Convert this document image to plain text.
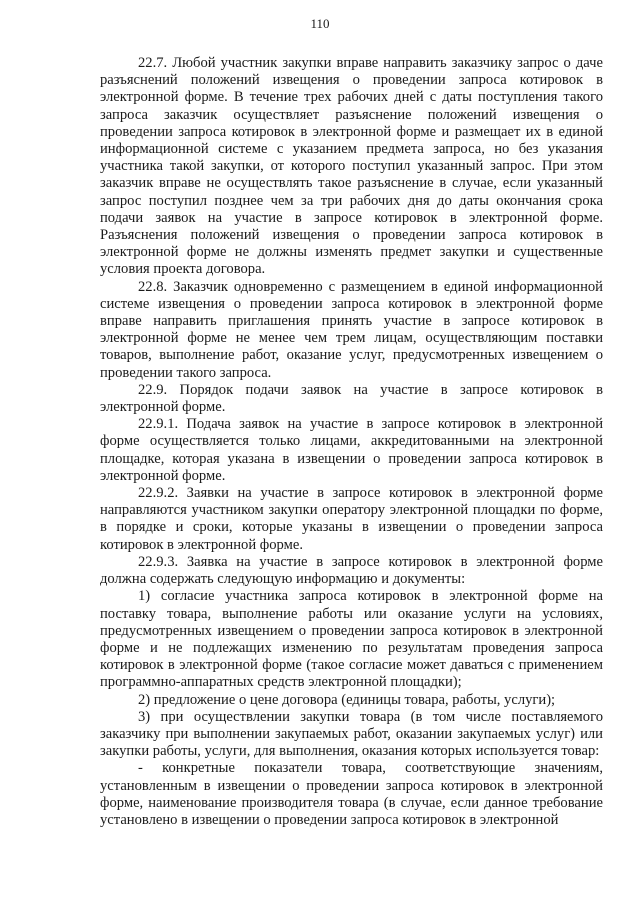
110

22.7. Любой участник закупки вправе направить заказчику запрос о даче разъяснений положений извещения о проведении запроса котировок в электронной форме. В течение трех рабочих дней с даты поступления такого запроса заказчик осуществляет разъяснение положений извещения о проведении запроса котировок в электронной форме и размещает их в единой информационной системе с указанием предмета запроса, но без указания участника такой закупки, от которого поступил указанный запрос. При этом заказчик вправе не осуществлять такое разъяснение в случае, если указанный запрос поступил позднее чем за три рабочих дня до даты окончания срока подачи заявок на участие в запросе котировок в электронной форме. Разъяснения положений извещения о проведении запроса котировок в электронной форме не должны изменять предмет закупки и существенные условия проекта договора.

22.8. Заказчик одновременно с размещением в единой информационной системе извещения о проведении запроса котировок в электронной форме вправе направить приглашения принять участие в запросе котировок в электронной форме не менее чем трем лицам, осуществляющим поставки товаров, выполнение работ, оказание услуг, предусмотренных извещением о проведении такого запроса.

22.9. Порядок подачи заявок на участие в запросе котировок в электронной форме.

22.9.1. Подача заявок на участие в запросе котировок в электронной форме осуществляется только лицами, аккредитованными на электронной площадке, которая указана в извещении о проведении запроса котировок в электронной форме.

22.9.2. Заявки на участие в запросе котировок в электронной форме направляются участником закупки оператору электронной площадки по форме, в порядке и сроки, которые указаны в извещении о проведении запроса котировок в электронной форме.

22.9.3. Заявка на участие в запросе котировок в электронной форме должна содержать следующую информацию и документы:

1) согласие участника запроса котировок в электронной форме на поставку товара, выполнение работы или оказание услуги на условиях, предусмотренных извещением о проведении запроса котировок в электронной форме и не подлежащих изменению по результатам проведения запроса котировок в электронной форме (такое согласие может даваться с применением программно-аппаратных средств электронной площадки);

2) предложение о цене договора (единицы товара, работы, услуги);

3) при осуществлении закупки товара (в том числе поставляемого заказчику при выполнении закупаемых работ, оказании закупаемых услуг) или закупки работы, услуги, для выполнения, оказания которых используется товар:

- конкретные показатели товара, соответствующие значениям, установленным в извещении о проведении запроса котировок в электронной форме, наименование производителя товара (в случае, если данное требование установлено в извещении о проведении запроса котировок в электронной
